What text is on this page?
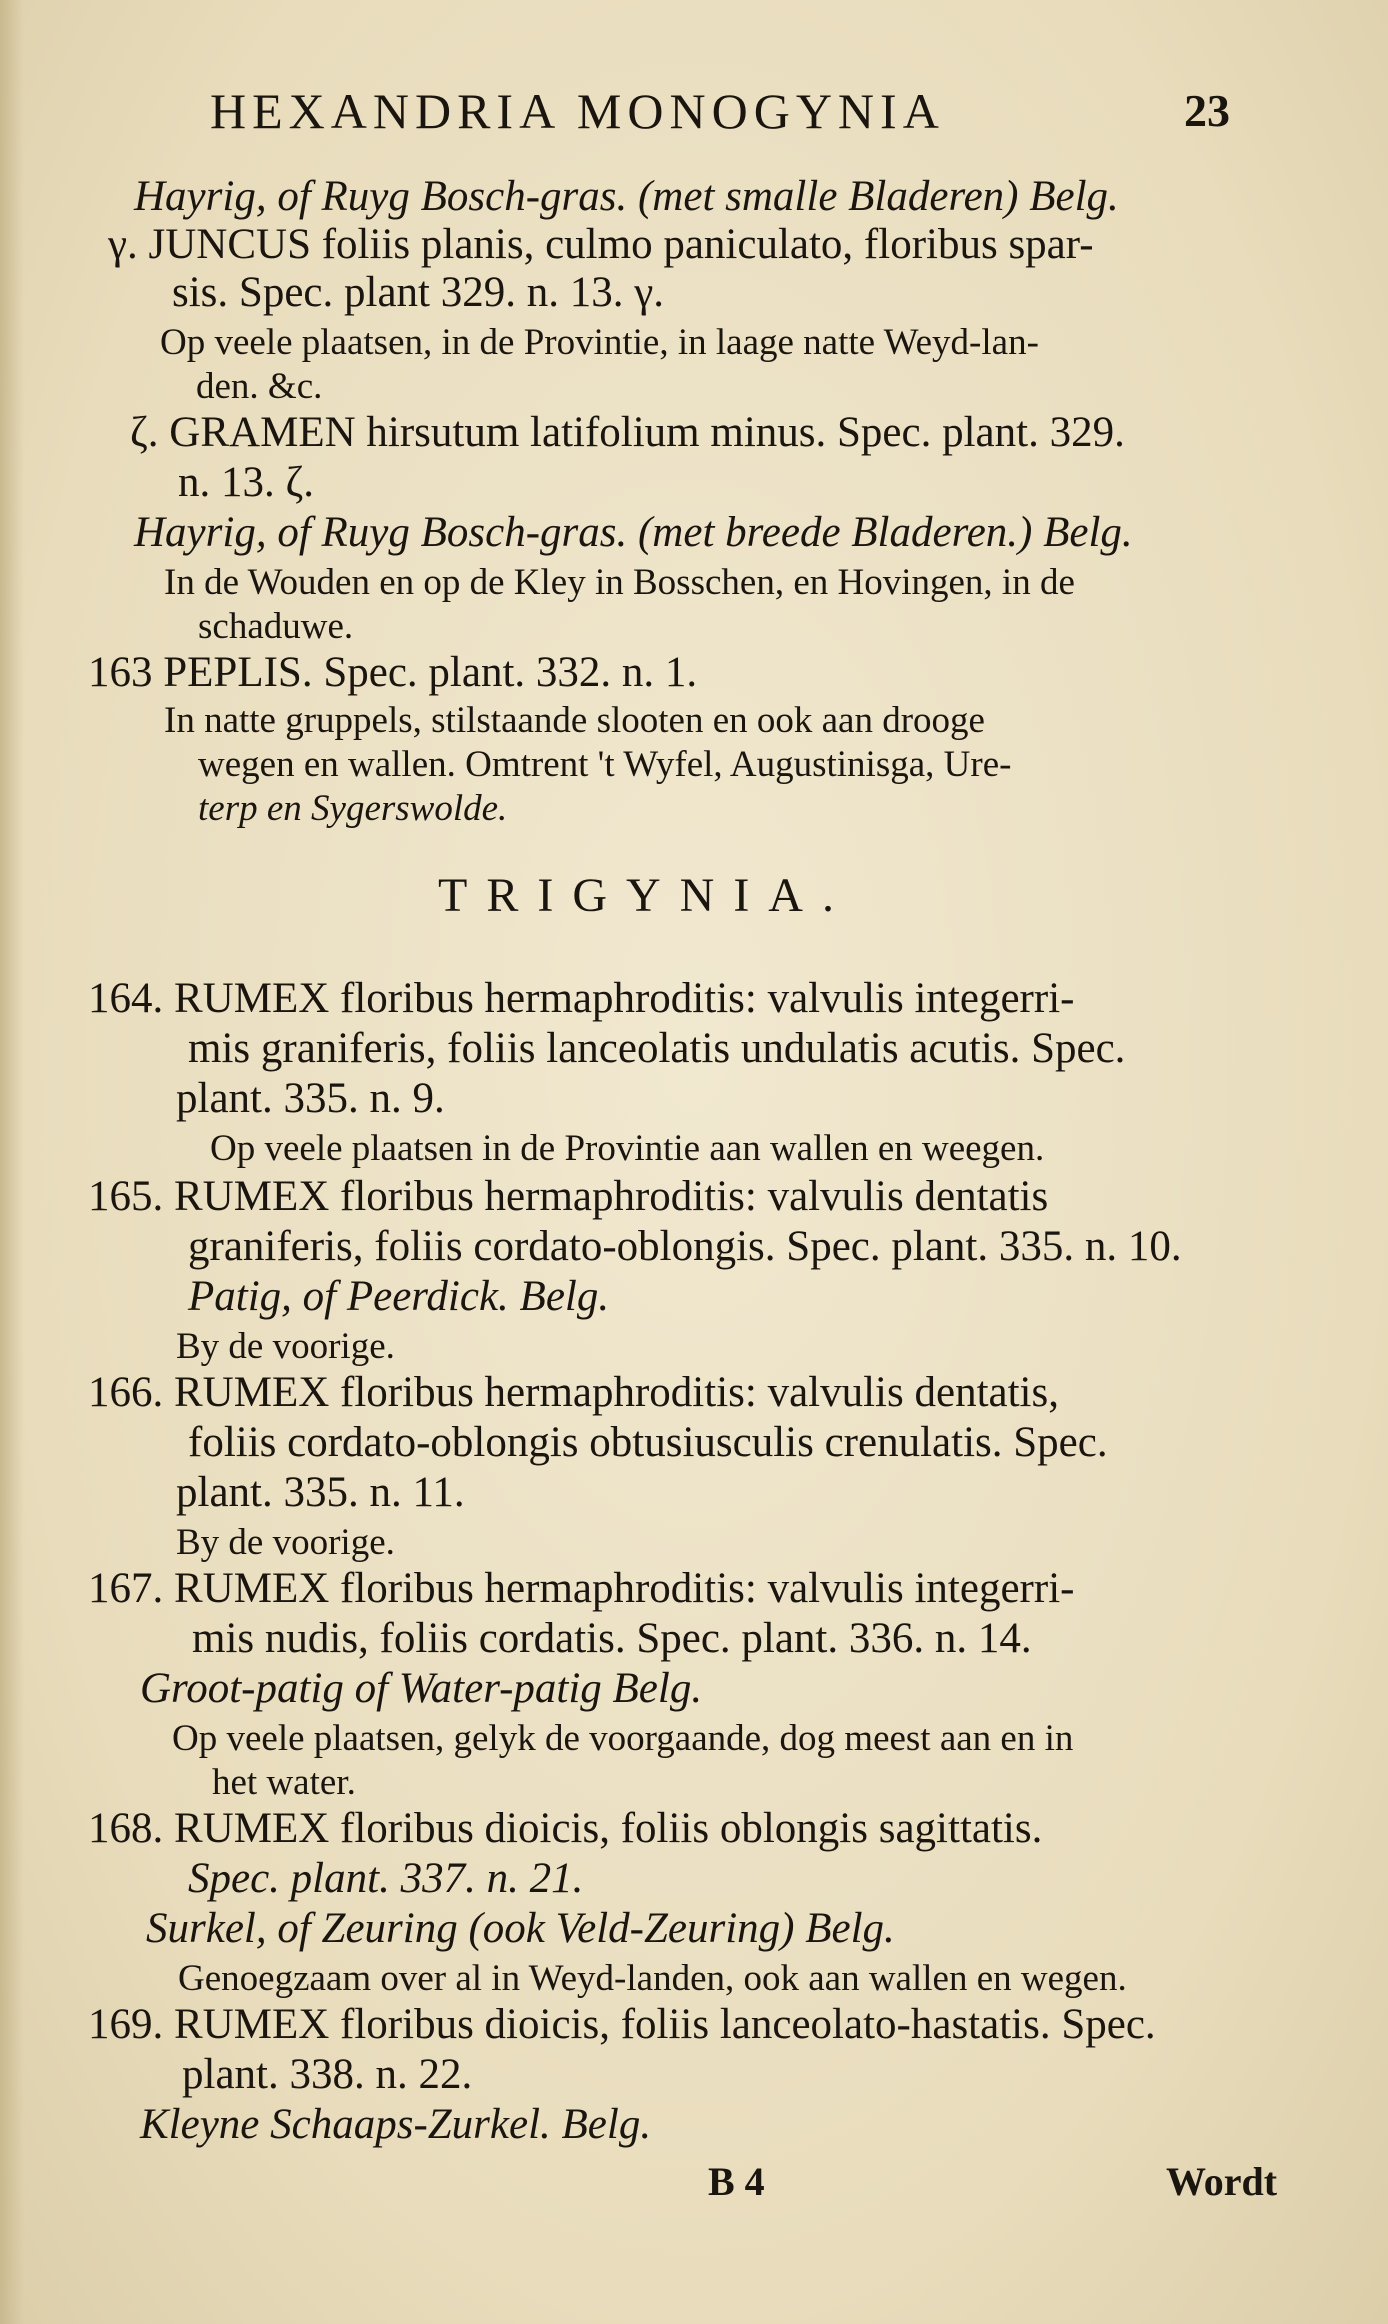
HEXANDRIA MONOGYNIA	23
Hayrig, of Ruyg Bosch-gras. (met smalle Bladeren) Belg.
γ. JUNCUS foliis planis, culmo paniculato, floribus spar-
sis. Spec. plant 329. n. 13. γ.
Op veele plaatsen, in de Provintie, in laage natte Weyd-lan-
den. &c.
ζ. GRAMEN hirsutum latifolium minus. Spec. plant. 329.
n. 13. ζ.
Hayrig, of Ruyg Bosch-gras. (met breede Bladeren.) Belg.
In de Wouden en op de Kley in Bosschen, en Hovingen, in de
schaduwe.
163 PEPLIS. Spec. plant. 332. n. 1.
In natte gruppels, stilstaande slooten en ook aan drooge
wegen en wallen. Omtrent 't Wyfel, Augustinisga, Ure-
terp en Sygerswolde.
TRIGYNIA.
164. RUMEX floribus hermaphroditis: valvulis integerri-
mis graniferis, foliis lanceolatis undulatis acutis. Spec.
plant. 335. n. 9.
Op veele plaatsen in de Provintie aan wallen en weegen.
165. RUMEX floribus hermaphroditis: valvulis dentatis
graniferis, foliis cordato-oblongis. Spec. plant. 335. n. 10.
Patig, of Peerdick. Belg.
By de voorige.
166. RUMEX floribus hermaphroditis: valvulis dentatis,
foliis cordato-oblongis obtusiusculis crenulatis. Spec.
plant. 335. n. 11.
By de voorige.
167. RUMEX floribus hermaphroditis: valvulis integerri-
mis nudis, foliis cordatis. Spec. plant. 336. n. 14.
Groot-patig of Water-patig Belg.
Op veele plaatsen, gelyk de voorgaande, dog meest aan en in
het water.
168. RUMEX floribus dioicis, foliis oblongis sagittatis.
Spec. plant. 337. n. 21.
Surkel, of Zeuring (ook Veld-Zeuring) Belg.
Genoegzaam over al in Weyd-landen, ook aan wallen en wegen.
169. RUMEX floribus dioicis, foliis lanceolato-hastatis. Spec.
plant. 338. n. 22.
Kleyne Schaaps-Zurkel. Belg.
B 4	Wordt
